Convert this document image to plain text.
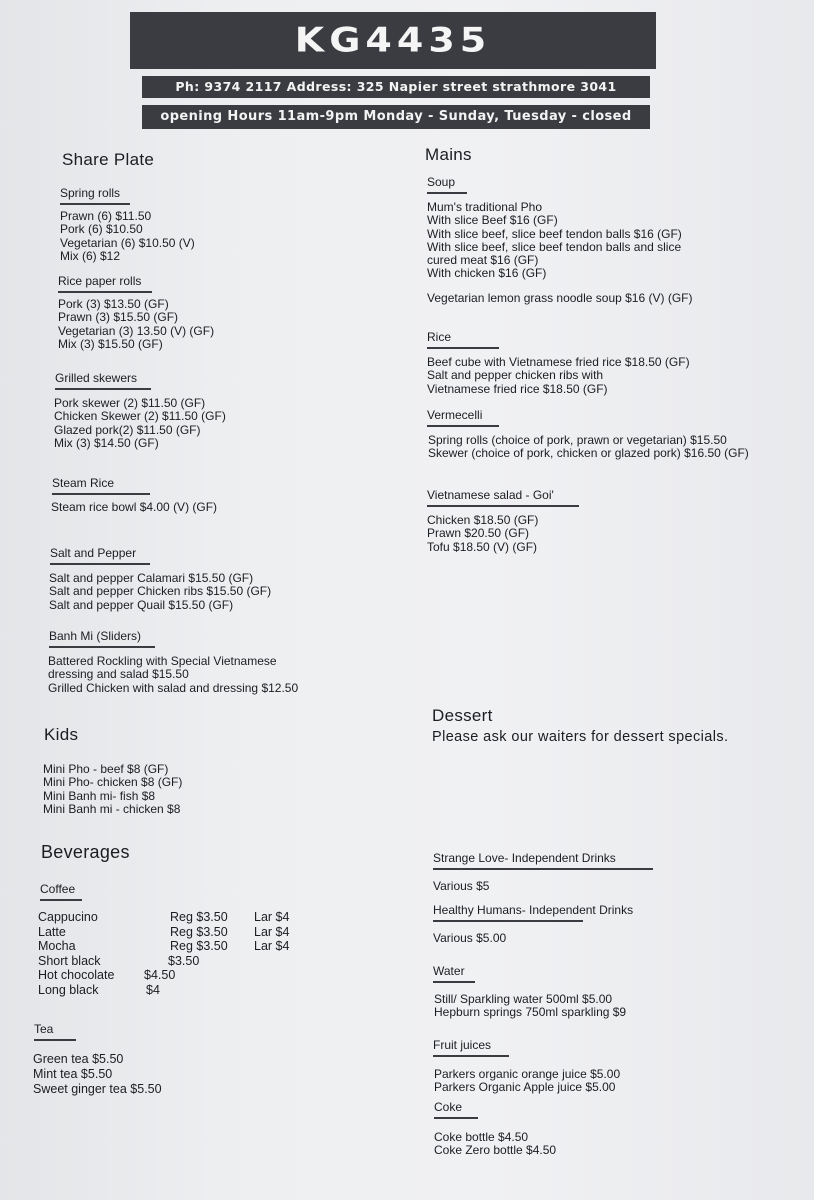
KG4435
Ph: 9374 2117 Address: 325 Napier street strathmore 3041
opening Hours 11am-9pm Monday - Sunday, Tuesday - closed
Share Plate
Spring rolls
Prawn (6) $11.50
Pork (6) $10.50
Vegetarian (6) $10.50 (V)
Mix (6) $12
Rice paper rolls
Pork (3) $13.50 (GF)
Prawn (3) $15.50 (GF)
Vegetarian (3) 13.50 (V) (GF)
Mix (3) $15.50 (GF)
Grilled skewers
Pork skewer (2) $11.50 (GF)
Chicken Skewer (2) $11.50 (GF)
Glazed pork(2) $11.50 (GF)
Mix (3) $14.50 (GF)
Steam Rice
Steam rice bowl $4.00 (V) (GF)
Salt and Pepper
Salt and pepper Calamari $15.50 (GF)
Salt and pepper Chicken ribs $15.50 (GF)
Salt and pepper Quail $15.50 (GF)
Banh Mi (Sliders)
Battered Rockling with Special Vietnamese
dressing and salad $15.50
Grilled Chicken with salad and dressing $12.50
Kids
Mini Pho - beef $8 (GF)
Mini Pho- chicken $8 (GF)
Mini Banh mi- fish $8
Mini Banh mi - chicken $8
Beverages
Coffee
Cappucino	Reg $3.50 Lar $4
Latte	Reg $3.50 Lar $4
Mocha	Reg $3.50 Lar $4
Short black	$3.50
Hot chocolate $4.50
Long black	$4
Tea
Green tea $5.50
Mint tea $5.50
Sweet ginger tea $5.50
Mains
Soup
Mum's traditional Pho
With slice Beef $16 (GF)
With slice beef, slice beef tendon balls $16 (GF)
With slice beef, slice beef tendon balls and slice
cured meat $16 (GF)
With chicken $16 (GF)
Vegetarian lemon grass noodle soup $16 (V) (GF)
Rice
Beef cube with Vietnamese fried rice $18.50 (GF)
Salt and pepper chicken ribs with
Vietnamese fried rice $18.50 (GF)
Vermecelli
Spring rolls (choice of pork, prawn or vegetarian) $15.50
Skewer (choice of pork, chicken or glazed pork) $16.50 (GF)
Vietnamese salad - Goi'
Chicken $18.50 (GF)
Prawn $20.50 (GF)
Tofu $18.50 (V) (GF)
Dessert
Please ask our waiters for dessert specials.
Strange Love- Independent Drinks
Various $5
Healthy Humans- Independent Drinks
Various $5.00
Water
Still/ Sparkling water 500ml $5.00
Hepburn springs 750ml sparkling $9
Fruit juices
Parkers organic orange juice $5.00
Parkers Organic Apple juice $5.00
Coke
Coke bottle $4.50
Coke Zero bottle $4.50
